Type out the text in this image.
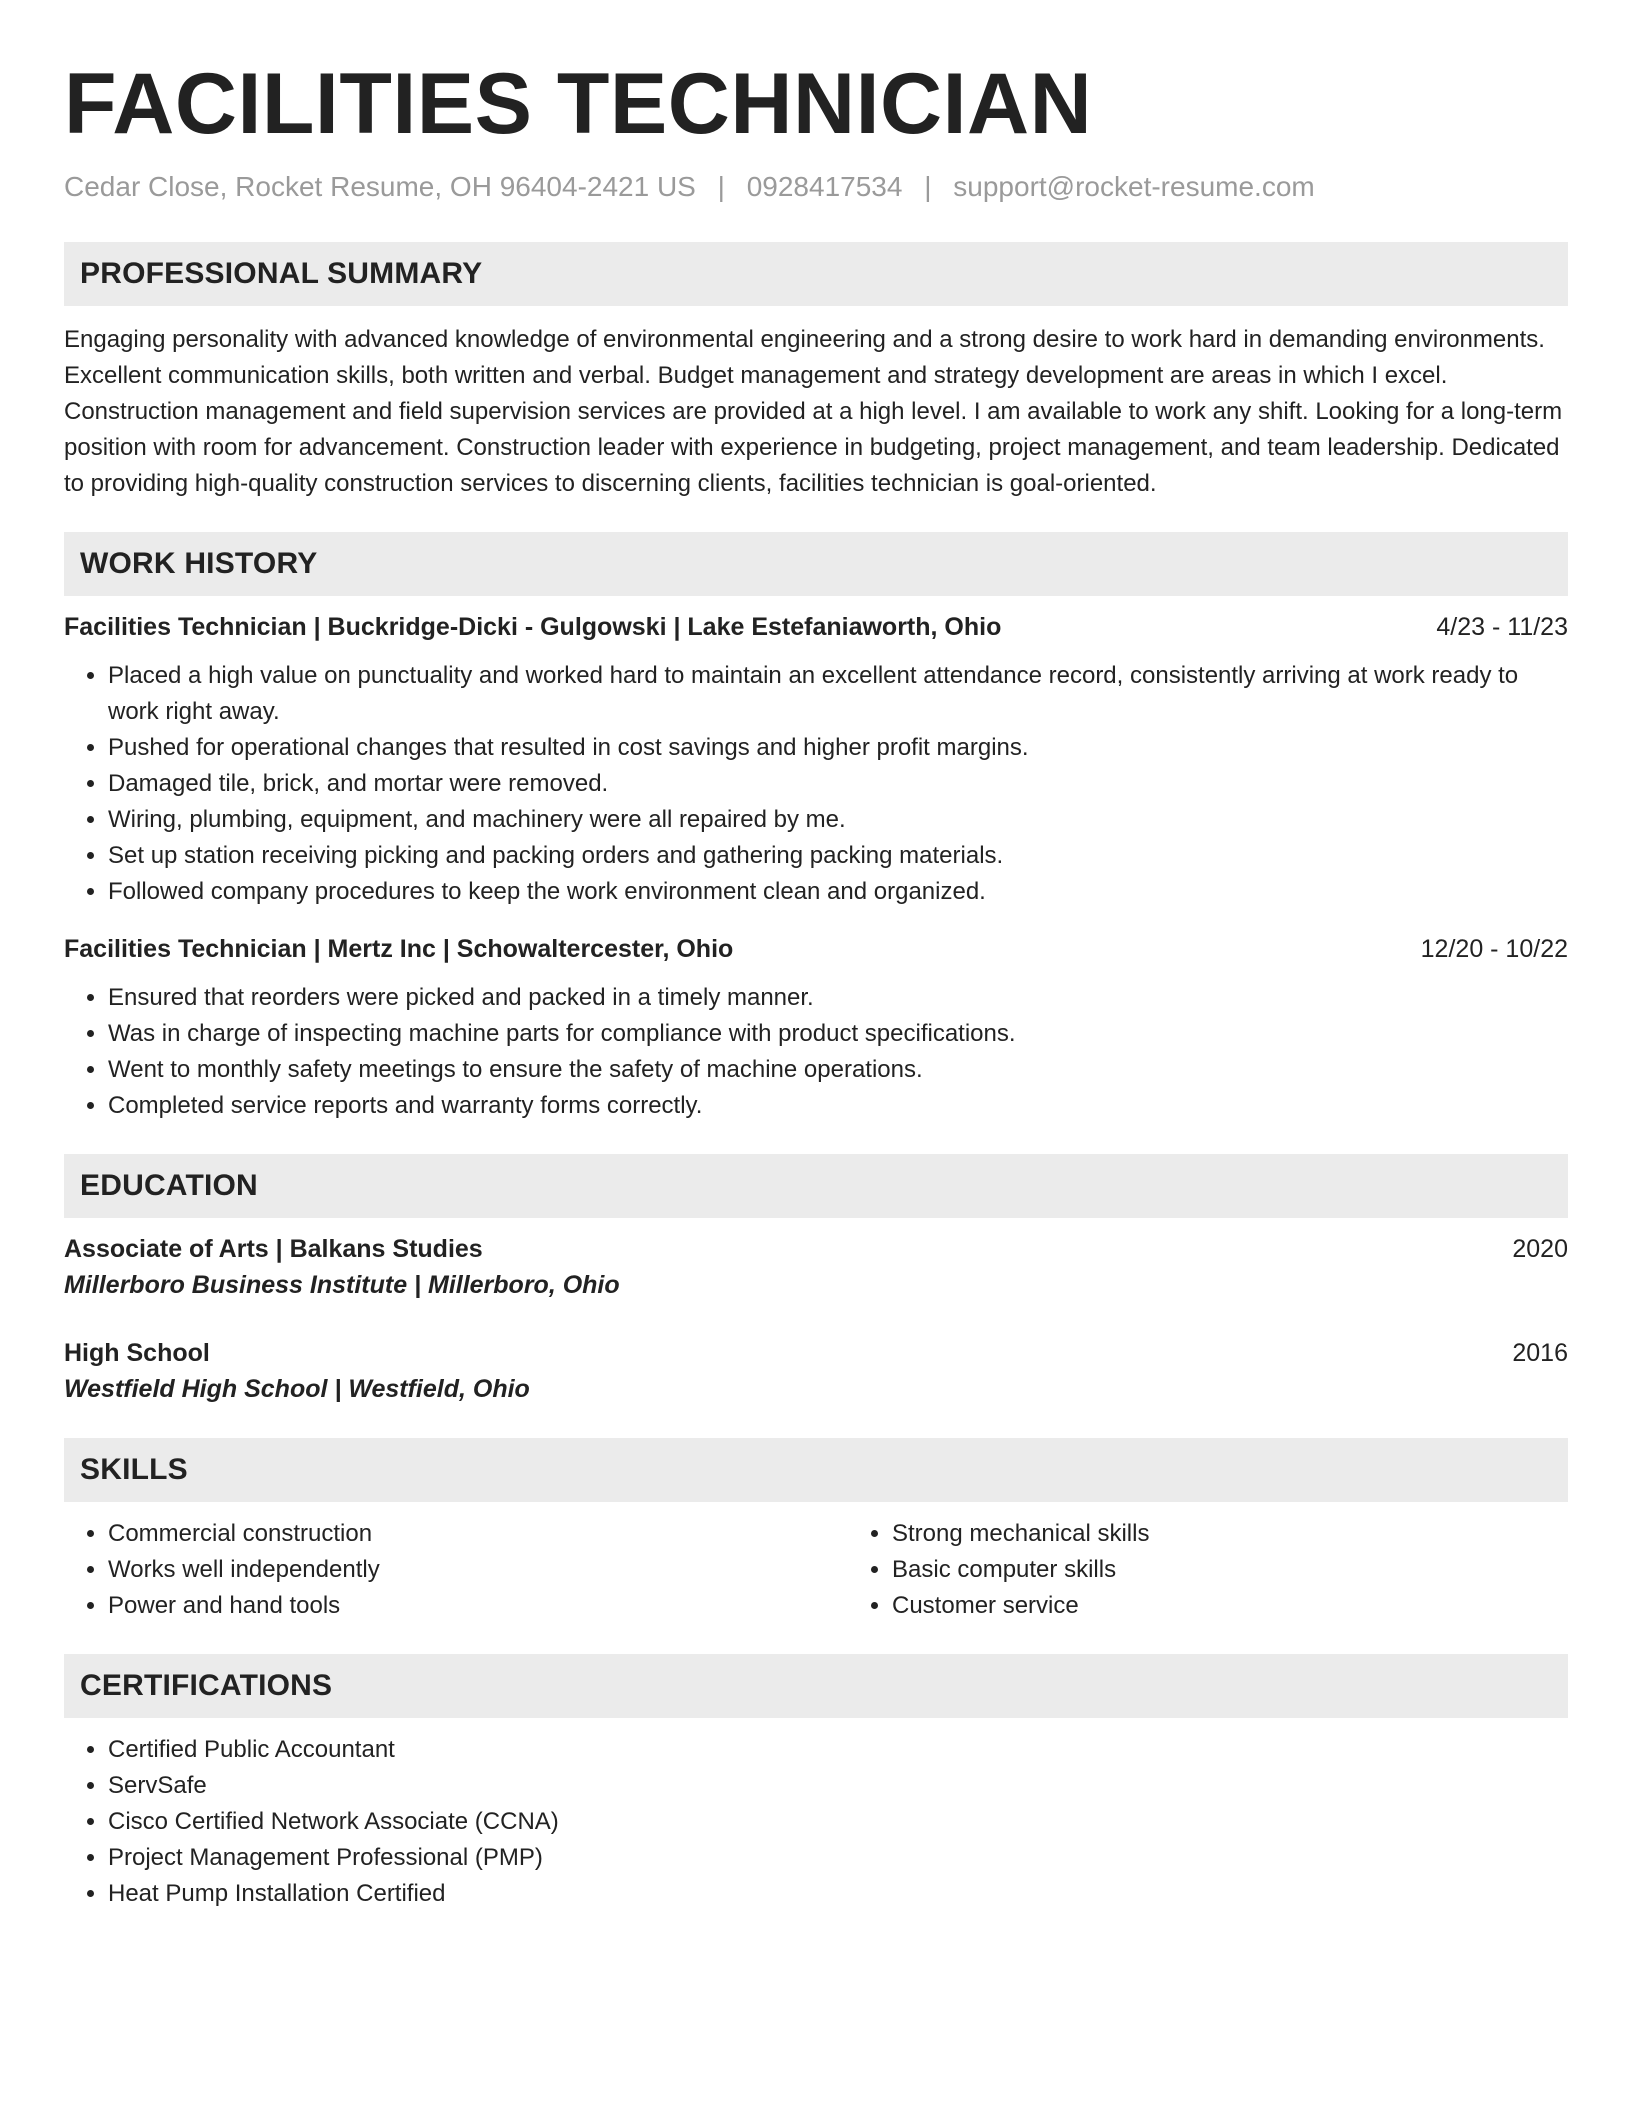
FACILITIES TECHNICIAN
Cedar Close, Rocket Resume, OH 96404-2421 US | 0928417534 | support@rocket-resume.com
PROFESSIONAL SUMMARY

Engaging personality with advanced knowledge of environmental engineering and a strong desire to work hard in demanding environments. Excellent communication skills, both written and verbal. Budget management and strategy development are areas in which I excel. Construction management and field supervision services are provided at a high level. I am available to work any shift. Looking for a long-term position with room for advancement. Construction leader with experience in budgeting, project management, and team leadership. Dedicated to providing high-quality construction services to discerning clients, facilities technician is goal-oriented.

WORK HISTORY
Facilities Technician | Buckridge-Dicki - Gulgowski | Lake Estefaniaworth, Ohio	4/23 - 11/23
• Placed a high value on punctuality and worked hard to maintain an excellent attendance record, consistently arriving at work ready to work right away.
• Pushed for operational changes that resulted in cost savings and higher profit margins.
• Damaged tile, brick, and mortar were removed.
• Wiring, plumbing, equipment, and machinery were all repaired by me.
• Set up station receiving picking and packing orders and gathering packing materials.
• Followed company procedures to keep the work environment clean and organized.
Facilities Technician | Mertz Inc | Schowaltercester, Ohio	12/20 - 10/22
• Ensured that reorders were picked and packed in a timely manner.
• Was in charge of inspecting machine parts for compliance with product specifications.
• Went to monthly safety meetings to ensure the safety of machine operations.
• Completed service reports and warranty forms correctly.
EDUCATION
Associate of Arts | Balkans Studies	2020
Millerboro Business Institute | Millerboro, Ohio
High School	2016
Westfield High School | Westfield, Ohio
SKILLS
• Commercial construction
• Works well independently
• Power and hand tools
• Strong mechanical skills
• Basic computer skills
• Customer service
CERTIFICATIONS
• Certified Public Accountant
• ServSafe
• Cisco Certified Network Associate (CCNA)
• Project Management Professional (PMP)
• Heat Pump Installation Certified
